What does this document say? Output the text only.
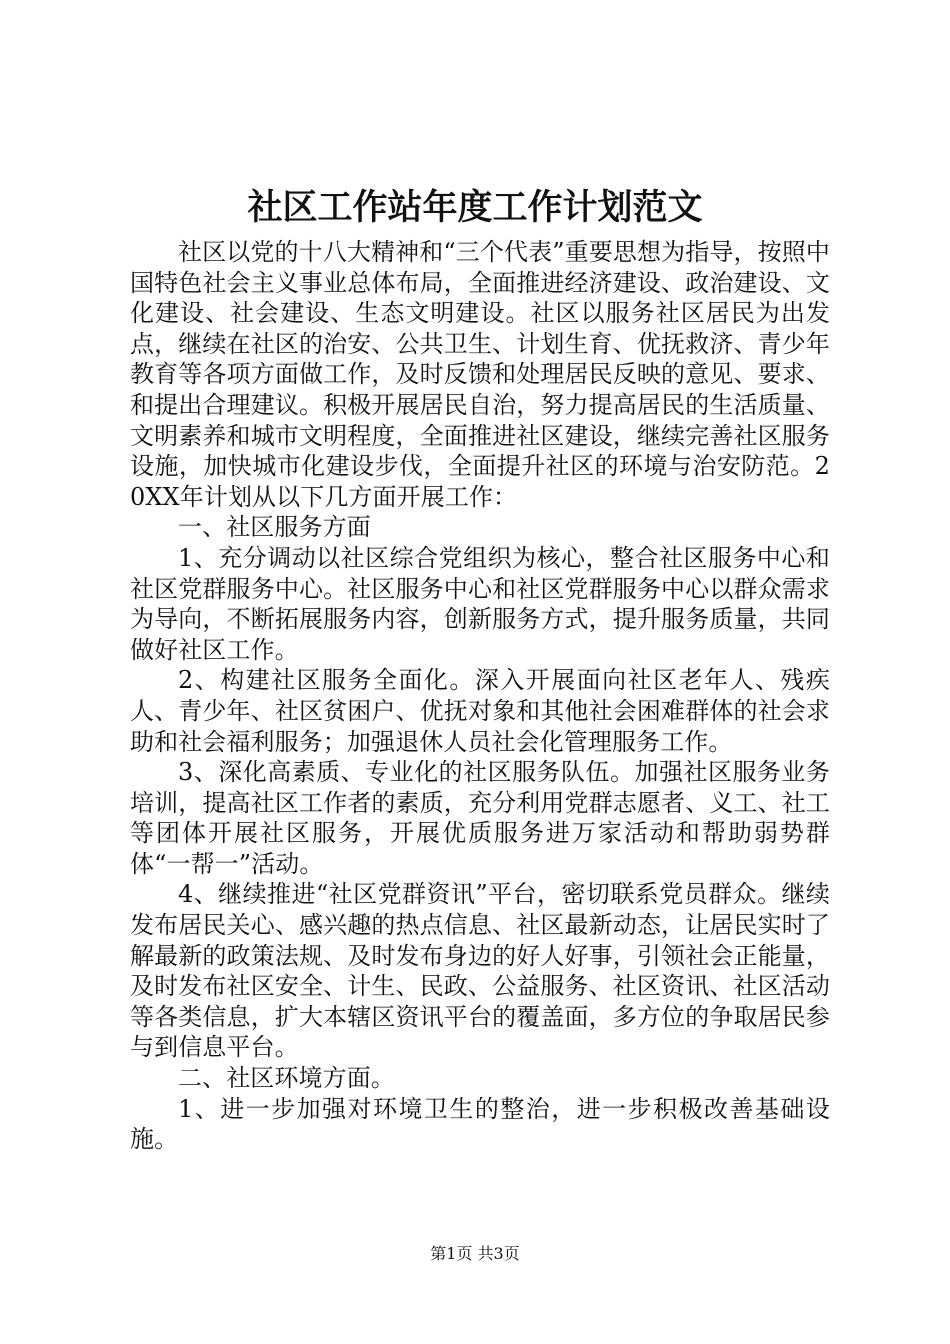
社区工作站年度工作计划范文

社区以党的十八大精神和“三个代表”重要思想为指导，按照中国特色社会主义事业总体布局，全面推进经济建设、政治建设、文化建设、社会建设、生态文明建设。社区以服务社区居民为出发点，继续在社区的治安、公共卫生、计划生育、优抚救济、青少年教育等各项方面做工作，及时反馈和处理居民反映的意见、要求、和提出合理建议。积极开展居民自治，努力提高居民的生活质量、文明素养和城市文明程度，全面推进社区建设，继续完善社区服务设施，加快城市化建设步伐，全面提升社区的环境与治安防范。20XX年计划从以下几方面开展工作：

一、社区服务方面

1、充分调动以社区综合党组织为核心，整合社区服务中心和社区党群服务中心。社区服务中心和社区党群服务中心以群众需求为导向，不断拓展服务内容，创新服务方式，提升服务质量，共同做好社区工作。

2、构建社区服务全面化。深入开展面向社区老年人、残疾人、青少年、社区贫困户、优抚对象和其他社会困难群体的社会求助和社会福利服务；加强退休人员社会化管理服务工作。

3、深化高素质、专业化的社区服务队伍。加强社区服务业务培训，提高社区工作者的素质，充分利用党群志愿者、义工、社工等团体开展社区服务，开展优质服务进万家活动和帮助弱势群体“一帮一”活动。

4、继续推进“社区党群资讯”平台，密切联系党员群众。继续发布居民关心、感兴趣的热点信息、社区最新动态，让居民实时了解最新的政策法规、及时发布身边的好人好事，引领社会正能量，及时发布社区安全、计生、民政、公益服务、社区资讯、社区活动等各类信息，扩大本辖区资讯平台的覆盖面，多方位的争取居民参与到信息平台。

二、社区环境方面。

1、进一步加强对环境卫生的整治，进一步积极改善基础设施。

第1页 共3页
